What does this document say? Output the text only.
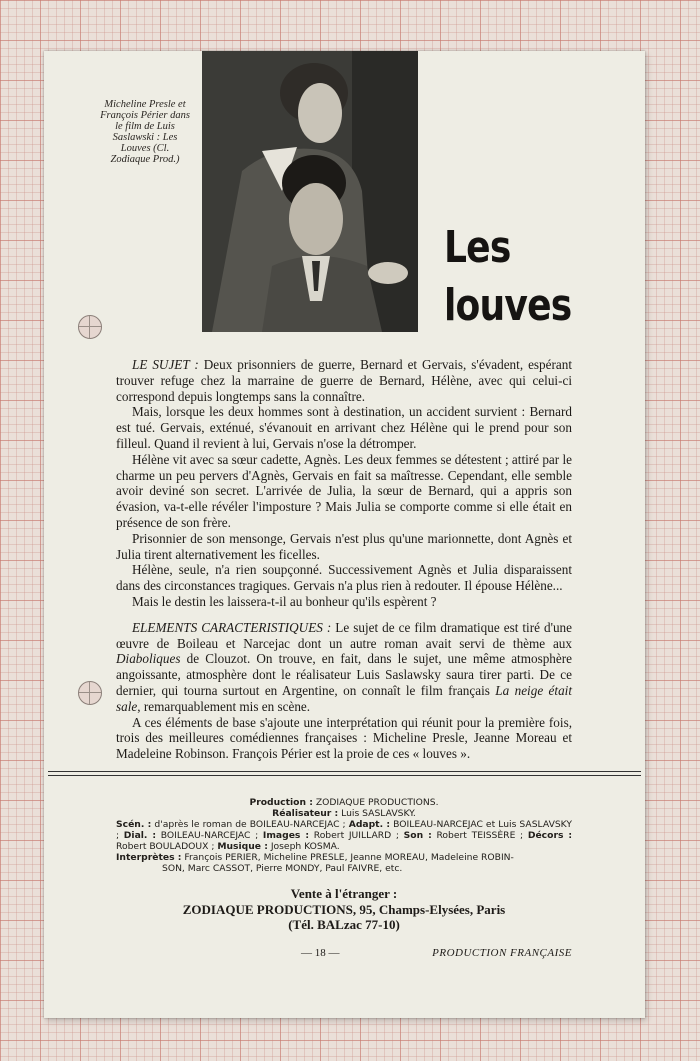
Micheline Presle et François Périer dans le film de Luis Saslawski : Les Louves (Cl. Zodiaque Prod.)
Les
louves

LE SUJET : Deux prisonniers de guerre, Bernard et Gervais, s'évadent, espérant trouver refuge chez la marraine de guerre de Bernard, Hélène, avec qui celui-ci correspond depuis longtemps sans la connaître.

Mais, lorsque les deux hommes sont à destination, un accident survient : Bernard est tué. Gervais, exténué, s'évanouit en arrivant chez Hélène qui le prend pour son filleul. Quand il revient à lui, Gervais n'ose la détromper.

Hélène vit avec sa sœur cadette, Agnès. Les deux femmes se détestent ; attiré par le charme un peu pervers d'Agnès, Gervais en fait sa maîtresse. Cependant, elle semble avoir deviné son secret. L'arrivée de Julia, la sœur de Bernard, qui a appris son évasion, va-t-elle révéler l'imposture ? Mais Julia se comporte comme si elle était en présence de son frère.

Prisonnier de son mensonge, Gervais n'est plus qu'une marionnette, dont Agnès et Julia tirent alternativement les ficelles.

Hélène, seule, n'a rien soupçonné. Successivement Agnès et Julia disparaissent dans des circonstances tragiques. Gervais n'a plus rien à redouter. Il épouse Hélène...

Mais le destin les laissera-t-il au bonheur qu'ils espèrent ?

ELEMENTS CARACTERISTIQUES : Le sujet de ce film dramatique est tiré d'une œuvre de Boileau et Narcejac dont un autre roman avait servi de thème aux Diaboliques de Clouzot. On trouve, en fait, dans le sujet, une même atmosphère angoissante, atmosphère dont le réalisateur Luis Saslawsky saura tirer parti. De ce dernier, qui tourna surtout en Argentine, on connaît le film français La neige était sale, remarquablement mis en scène.

A ces éléments de base s'ajoute une interprétation qui réunit pour la première fois, trois des meilleures comédiennes françaises : Micheline Presle, Jeanne Moreau et Madeleine Robinson. François Périer est la proie de ces « louves ».

Production : ZODIAQUE PRODUCTIONS.
Réalisateur : Luis SASLAVSKY.
Scén. : d'après le roman de BOILEAU-NARCEJAC ; Adapt. : BOILEAU-NARCEJAC et Luis SASLAVSKY ; Dial. : BOILEAU-NARCEJAC ; Images : Robert JUILLARD ; Son : Robert TEISSÈRE ; Décors : Robert BOULADOUX ; Musique : Joseph KOSMA.
Interprètes : François PERIER, Micheline PRESLE, Jeanne MOREAU, Madeleine ROBIN-
SON, Marc CASSOT, Pierre MONDY, Paul FAIVRE, etc.
Vente à l'étranger :
ZODIAQUE PRODUCTIONS, 95, Champs-Elysées, Paris
(Tél. BALzac 77-10)
— 18 —	PRODUCTION FRANÇAISE
